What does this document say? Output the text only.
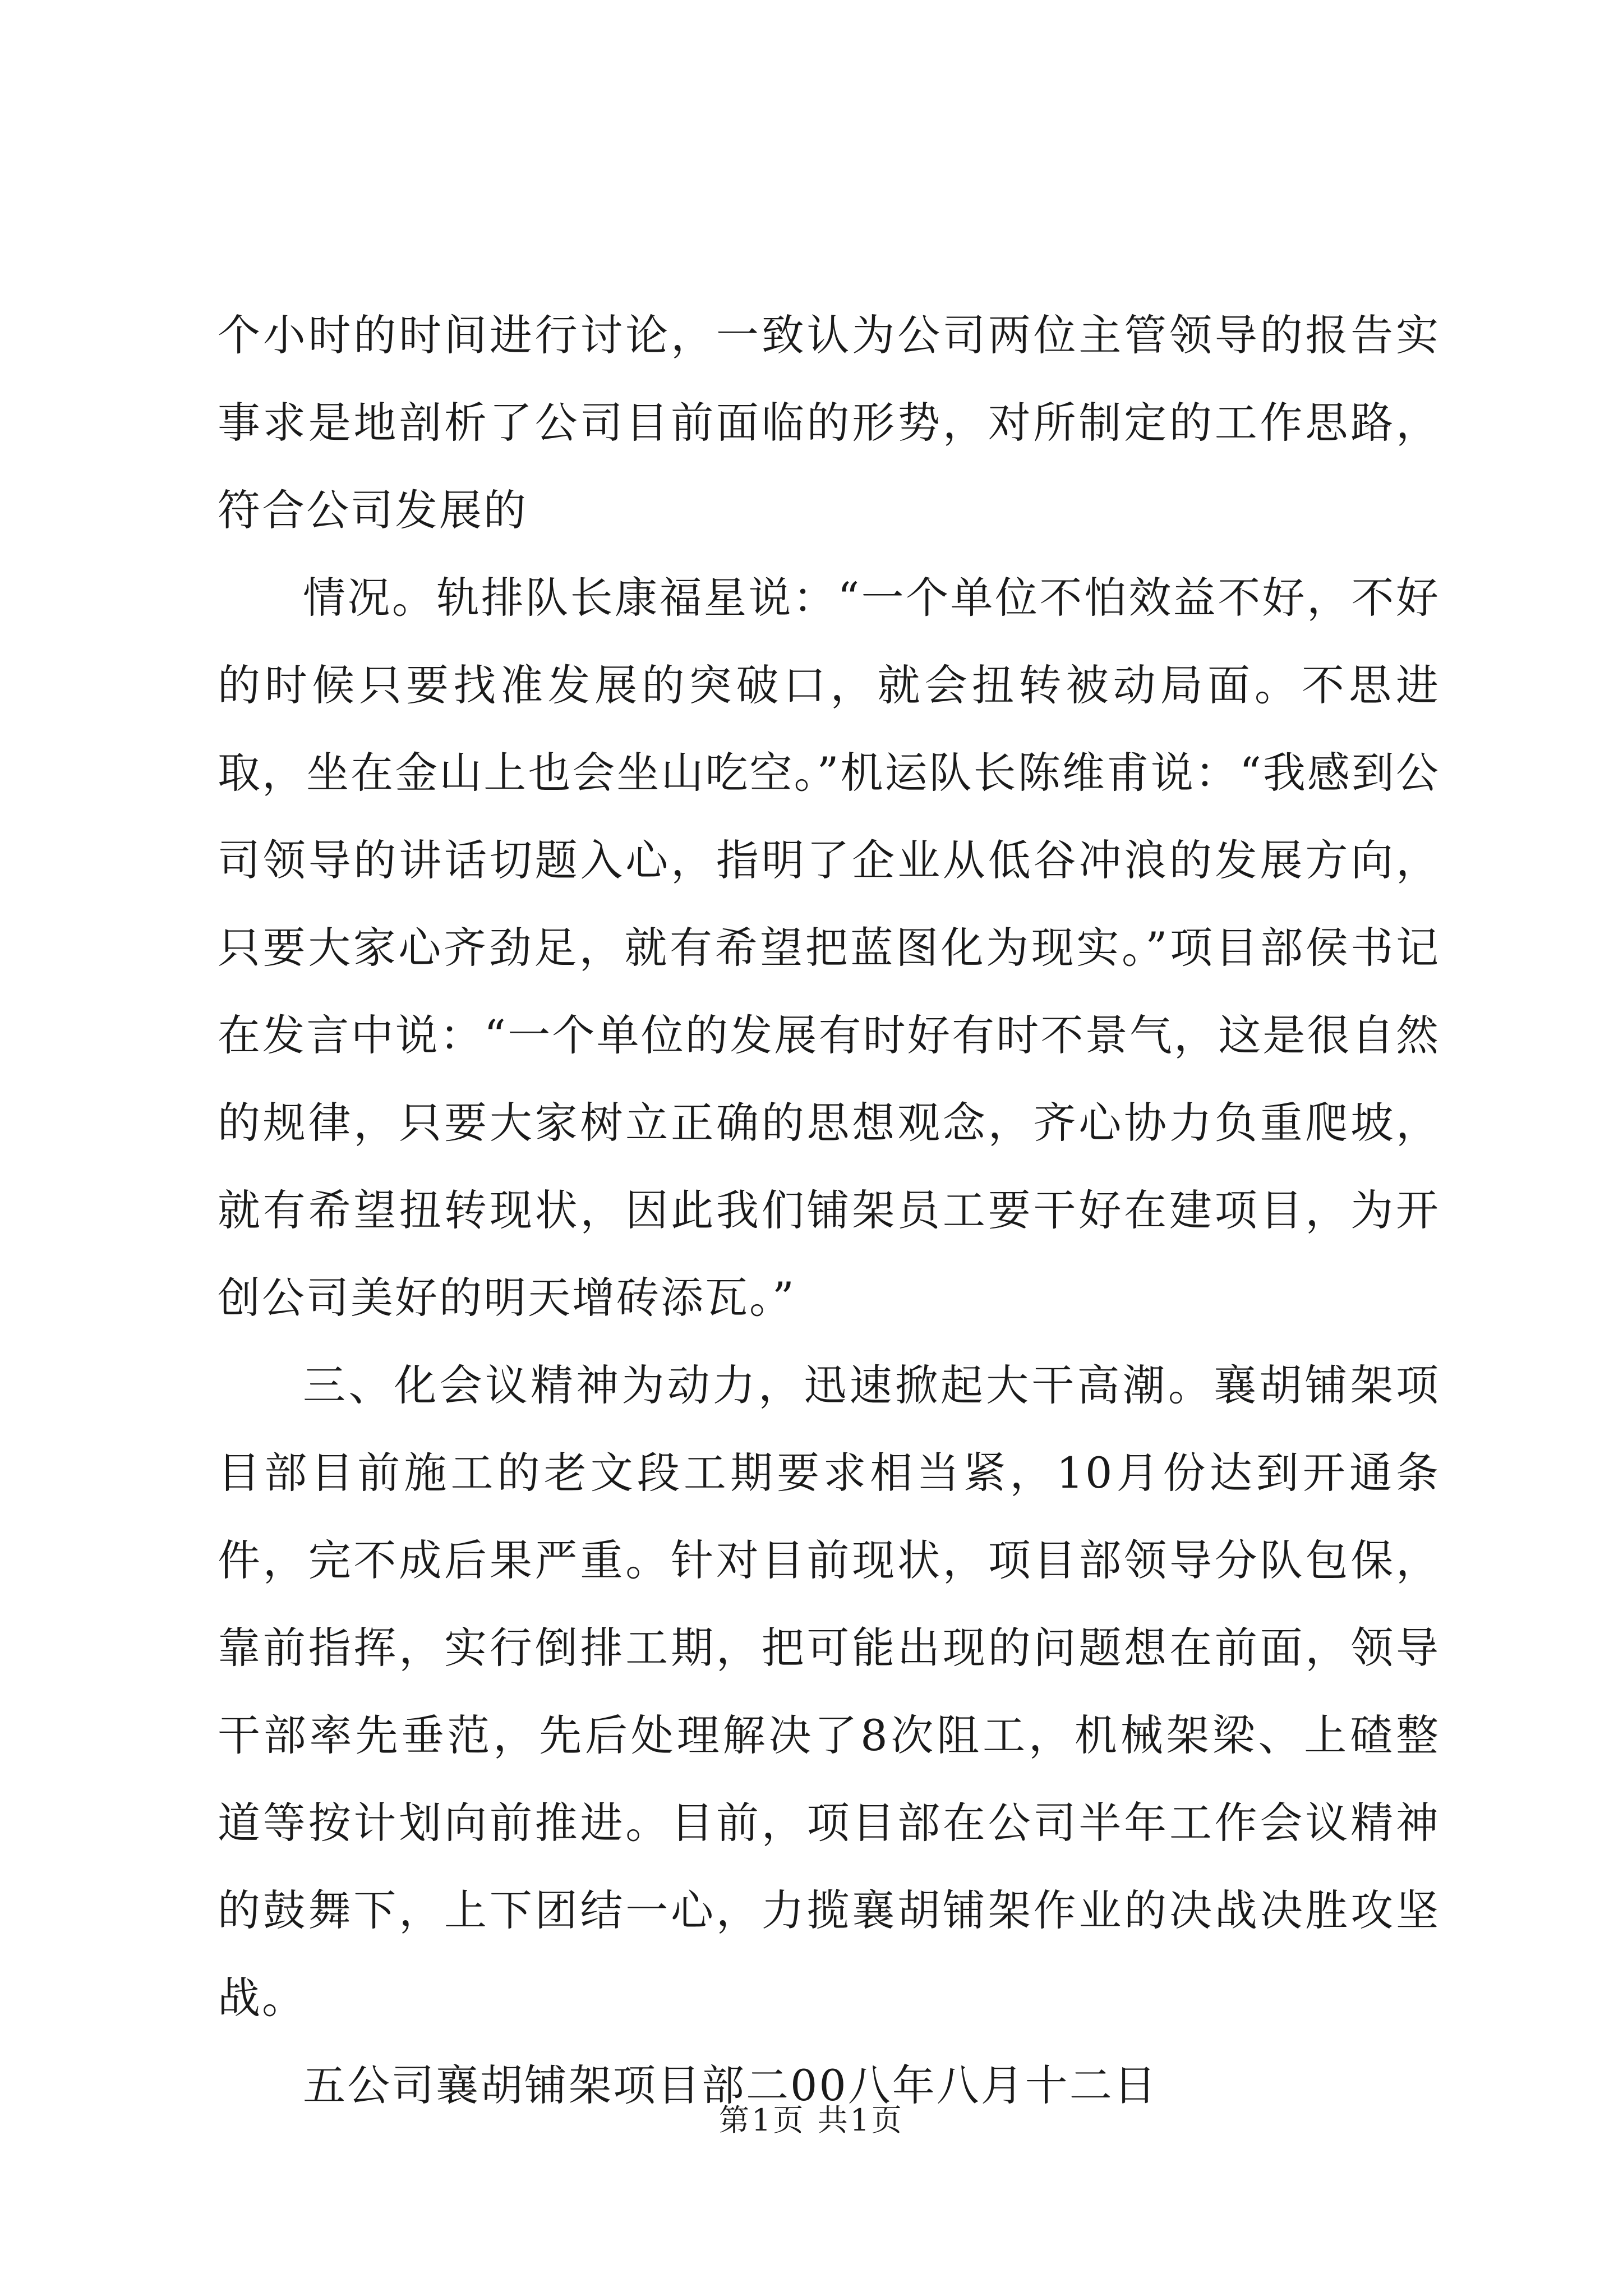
个小时的时间进行讨论，一致认为公司两位主管领导的报告实事求是地剖析了公司目前面临的形势，对所制定的工作思路，符合公司发展的

情况。轨排队长康福星说：“一个单位不怕效益不好，不好的时候只要找准发展的突破口，就会扭转被动局面。不思进取，坐在金山上也会坐山吃空。”机运队长陈维甫说：“我感到公司领导的讲话切题入心，指明了企业从低谷冲浪的发展方向，只要大家心齐劲足，就有希望把蓝图化为现实。”项目部侯书记在发言中说：“一个单位的发展有时好有时不景气，这是很自然的规律，只要大家树立正确的思想观念，齐心协力负重爬坡，就有希望扭转现状，因此我们铺架员工要干好在建项目，为开创公司美好的明天增砖添瓦。”

三、化会议精神为动力，迅速掀起大干高潮。襄胡铺架项目部目前施工的老文段工期要求相当紧，10月份达到开通条件，完不成后果严重。针对目前现状，项目部领导分队包保，靠前指挥，实行倒排工期，把可能出现的问题想在前面，领导干部率先垂范，先后处理解决了8次阻工，机械架梁、上碴整道等按计划向前推进。目前，项目部在公司半年工作会议精神的鼓舞下，上下团结一心，力揽襄胡铺架作业的决战决胜攻坚战。

五公司襄胡铺架项目部二00八年八月十二日

第1页 共1页
